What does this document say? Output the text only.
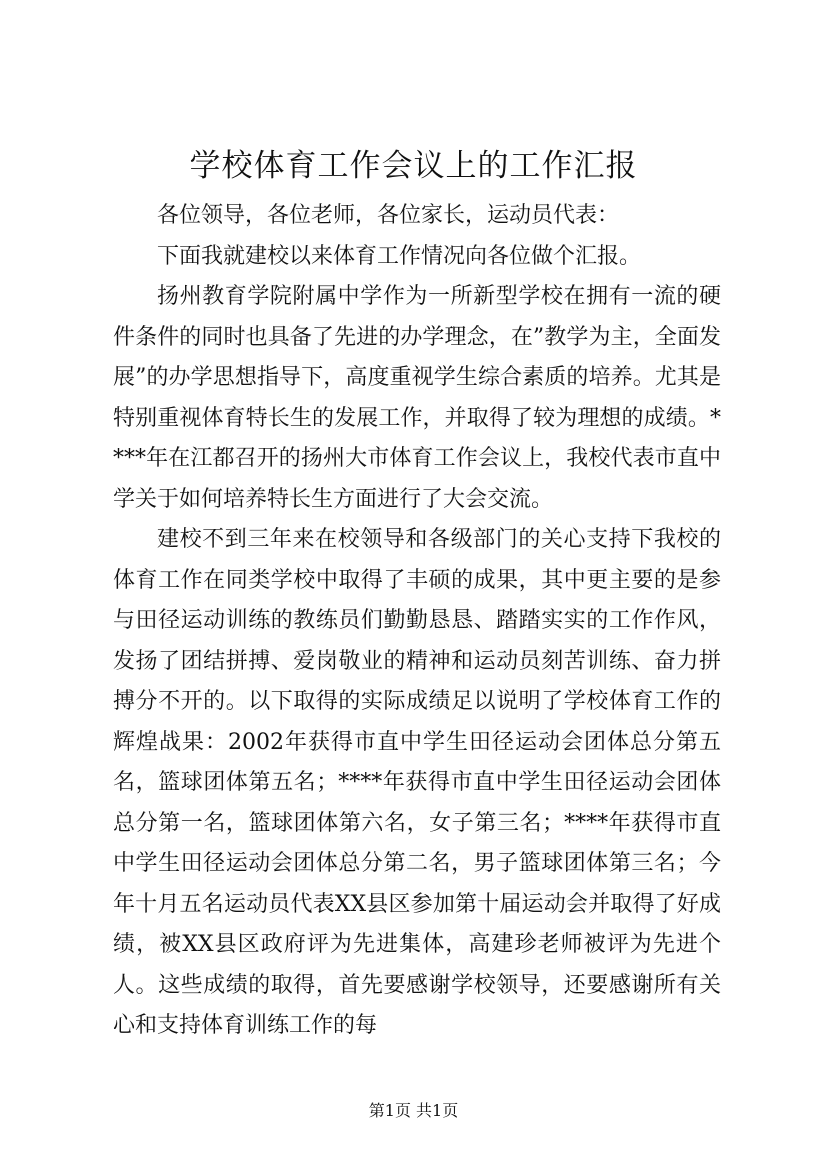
学校体育工作会议上的工作汇报

各位领导，各位老师，各位家长，运动员代表：

下面我就建校以来体育工作情况向各位做个汇报。

扬州教育学院附属中学作为一所新型学校在拥有一流的硬件条件的同时也具备了先进的办学理念，在”教学为主，全面发展”的办学思想指导下，高度重视学生综合素质的培养。尤其是特别重视体育特长生的发展工作，并取得了较为理想的成绩。****年在江都召开的扬州大市体育工作会议上，我校代表市直中学关于如何培养特长生方面进行了大会交流。

建校不到三年来在校领导和各级部门的关心支持下我校的体育工作在同类学校中取得了丰硕的成果，其中更主要的是参与田径运动训练的教练员们勤勤恳恳、踏踏实实的工作作风，发扬了团结拼搏、爱岗敬业的精神和运动员刻苦训练、奋力拼搏分不开的。以下取得的实际成绩足以说明了学校体育工作的辉煌战果：2002年获得市直中学生田径运动会团体总分第五名，篮球团体第五名；****年获得市直中学生田径运动会团体总分第一名，篮球团体第六名，女子第三名；****年获得市直中学生田径运动会团体总分第二名，男子篮球团体第三名；今年十月五名运动员代表XX县区参加第十届运动会并取得了好成绩，被XX县区政府评为先进集体，高建珍老师被评为先进个人。这些成绩的取得，首先要感谢学校领导，还要感谢所有关心和支持体育训练工作的每

第1页 共1页
